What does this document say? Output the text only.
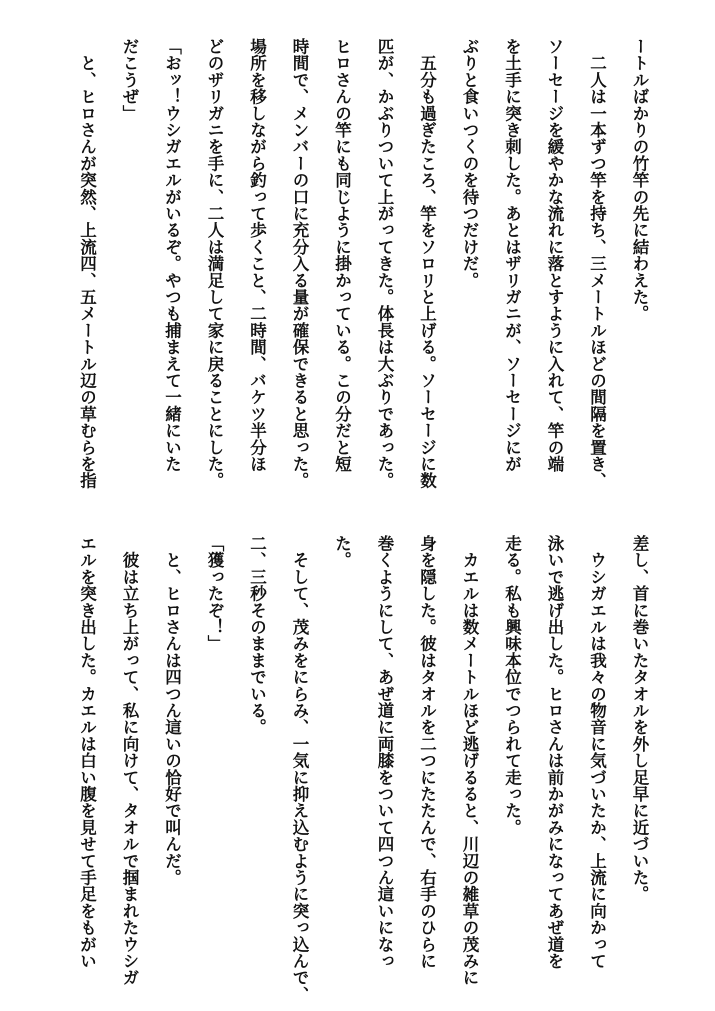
ートルばかりの竹竿の先に結わえた。
　二人は一本ずつ竿を持ち、三メートルほどの間隔を置き、
ソーセージを緩やかな流れに落とすように入れて、竿の端
を土手に突き刺した。あとはザリガニが、ソーセージにが
ぶりと食いつくのを待つだけだ。
　五分も過ぎたころ、竿をソロリと上げる。ソーセージに数
匹が、かぶりついて上がってきた。体長は大ぶりであった。
ヒロさんの竿にも同じように掛かっている。この分だと短
時間で、メンバーの口に充分入る量が確保できると思った。
場所を移しながら釣って歩くこと、二時間、バケツ半分ほ
どのザリガニを手に、二人は満足して家に戻ることにした。
「おッ！ウシガエルがいるぞ。やつも捕まえて一緒にいた
だこうぜ」
　と、ヒロさんが突然、上流四、五メートル辺の草むらを指
差し、首に巻いたタオルを外し足早に近づいた。
　ウシガエルは我々の物音に気づいたか、上流に向かって
泳いで逃げ出した。ヒロさんは前かがみになってあぜ道を
走る。私も興味本位でつられて走った。
　カエルは数メートルほど逃げるると、川辺の雑草の茂みに
身を隠した。彼はタオルを二つにたたんで、右手のひらに
巻くようにして、あぜ道に両膝をついて四つん這いになっ
た。
　そして、茂みをにらみ、一気に抑え込むように突っ込んで、
二、三秒そのままでいる。
「獲ったぞ！」
　と、ヒロさんは四つん這いの恰好で叫んだ。
　彼は立ち上がって、私に向けて、タオルで掴まれたウシガ
エルを突き出した。カエルは白い腹を見せて手足をもがい
